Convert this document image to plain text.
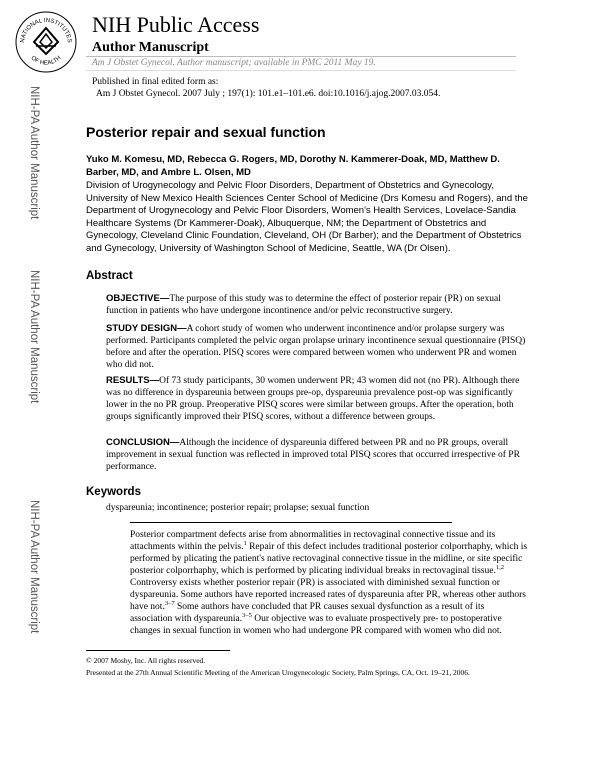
NATIONAL INSTITUTES
OF HEALTH
NIH Public Access
Author Manuscript
Am J Obstet Gynecol. Author manuscript; available in PMC 2011 May 19.
Published in final edited form as:
Am J Obstet Gynecol. 2007 July ; 197(1): 101.e1–101.e6. doi:10.1016/j.ajog.2007.03.054.
NIH-PA Author Manuscript
NIH-PA Author Manuscript
NIH-PA Author Manuscript
Posterior repair and sexual function
Yuko M. Komesu, MD, Rebecca G. Rogers, MD, Dorothy N. Kammerer-Doak, MD, Matthew D. Barber, MD, and Ambre L. Olsen, MD
Division of Urogynecology and Pelvic Floor Disorders, Department of Obstetrics and Gynecology, University of New Mexico Health Sciences Center School of Medicine (Drs Komesu and Rogers), and the Department of Urogynecology and Pelvic Floor Disorders, Women's Health Services, Lovelace-Sandia Healthcare Systems (Dr Kammerer-Doak), Albuquerque, NM; the Department of Obstetrics and Gynecology, Cleveland Clinic Foundation, Cleveland, OH (Dr Barber); and the Department of Obstetrics and Gynecology, University of Washington School of Medicine, Seattle, WA (Dr Olsen).
Abstract
OBJECTIVE—The purpose of this study was to determine the effect of posterior repair (PR) on sexual function in patients who have undergone incontinence and/or pelvic reconstructive surgery.
STUDY DESIGN—A cohort study of women who underwent incontinence and/or prolapse surgery was performed. Participants completed the pelvic organ prolapse urinary incontinence sexual questionnaire (PISQ) before and after the operation. PISQ scores were compared between women who underwent PR and women who did not.
RESULTS—Of 73 study participants, 30 women underwent PR; 43 women did not (no PR). Although there was no difference in dyspareunia between groups pre-op, dyspareunia prevalence post-op was significantly lower in the no PR group. Preoperative PISQ scores were similar between groups. After the operation, both groups significantly improved their PISQ scores, without a difference between groups.
CONCLUSION—Although the incidence of dyspareunia differed between PR and no PR groups, overall improvement in sexual function was reflected in improved total PISQ scores that occurred irrespective of PR performance.
Keywords
dyspareunia; incontinence; posterior repair; prolapse; sexual function
Posterior compartment defects arise from abnormalities in rectovaginal connective tissue and its attachments within the pelvis.$^1$ Repair of this defect includes traditional posterior colporrhaphy, which is performed by plicating the patient's native rectovaginal connective tissue in the midline, or site specific posterior colporrhaphy, which is performed by plicating individual breaks in rectovaginal tissue.$^{1,2}$ Controversy exists whether posterior repair (PR) is associated with diminished sexual function or dyspareunia. Some authors have reported increased rates of dyspareunia after PR, whereas other authors have not.$^{3-7}$ Some authors have concluded that PR causes sexual dysfunction as a result of its association with dyspareunia.$^{3-5}$ Our objective was to evaluate prospectively pre- to postoperative changes in sexual function in women who had undergone PR compared with women who did not.
© 2007 Mosby, Inc. All rights reserved.
Presented at the 27th Annual Scientific Meeting of the American Urogynecologic Society, Palm Springs, CA, Oct. 19–21, 2006.
